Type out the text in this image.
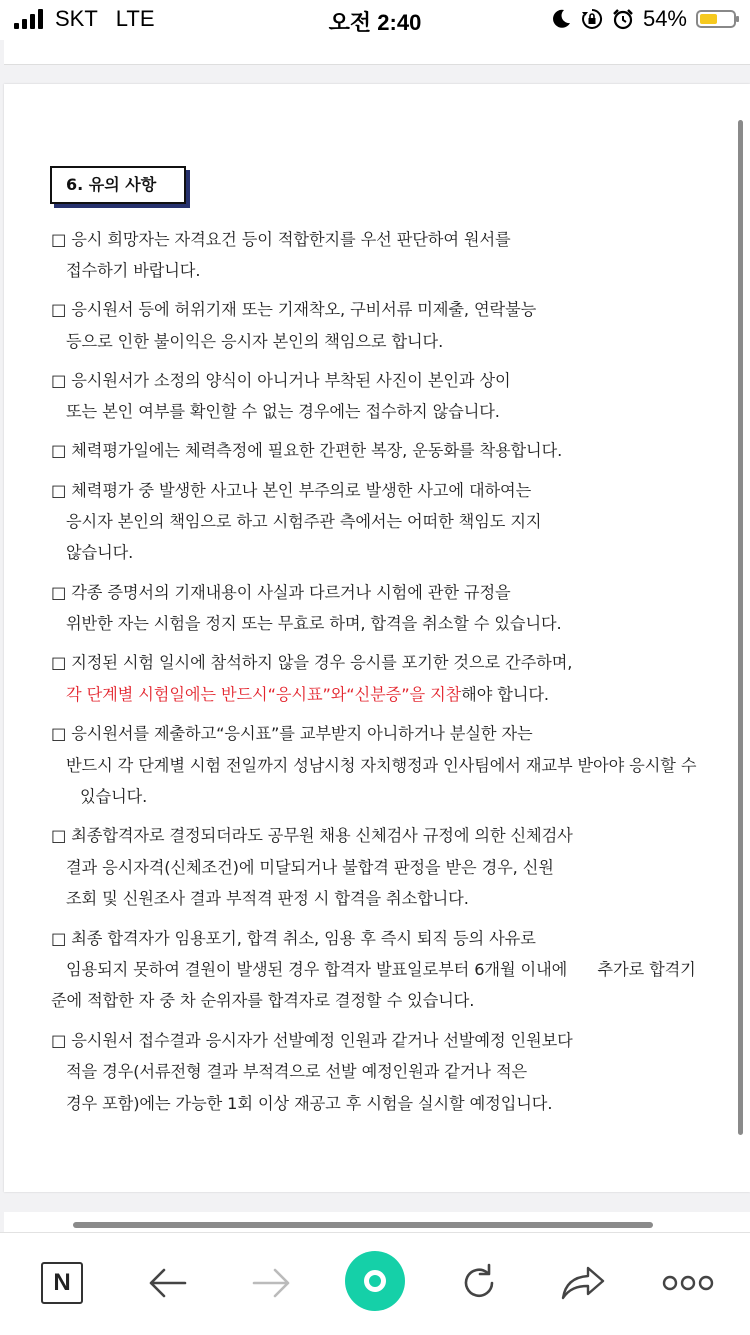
SKT LTE	오전 2:40	54%
6. 유의 사항
□ 응시 희망자는 자격요건 등이 적합한지를 우선 판단하여 원서를
접수하기 바랍니다.
□ 응시원서 등에 허위기재 또는 기재착오, 구비서류 미제출, 연락불능
등으로 인한 불이익은 응시자 본인의 책임으로 합니다.
□ 응시원서가 소정의 양식이 아니거나 부착된 사진이 본인과 상이
또는 본인 여부를 확인할 수 없는 경우에는 접수하지 않습니다.
□ 체력평가일에는 체력측정에 필요한 간편한 복장, 운동화를 착용합니다.
□ 체력평가 중 발생한 사고나 본인 부주의로 발생한 사고에 대하여는
응시자 본인의 책임으로 하고 시험주관 측에서는 어떠한 책임도 지지
않습니다.
□ 각종 증명서의 기재내용이 사실과 다르거나 시험에 관한 규정을
위반한 자는 시험을 정지 또는 무효로 하며, 합격을 취소할 수 있습니다.
□ 지정된 시험 일시에 참석하지 않을 경우 응시를 포기한 것으로 간주하며,
각 단계별 시험일에는 반드시“응시표”와“신분증”을 지참해야 합니다.
□ 응시원서를 제출하고“응시표”를 교부받지 아니하거나 분실한 자는
반드시 각 단계별 시험 전일까지 성남시청 자치행정과 인사팀에서 재교부 받아야 응시할 수
있습니다.
□ 최종합격자로 결정되더라도 공무원 채용 신체검사 규정에 의한 신체검사
결과 응시자격(신체조건)에 미달되거나 불합격 판정을 받은 경우, 신원
조회 및 신원조사 결과 부적격 판정 시 합격을 취소합니다.
□ 최종 합격자가 임용포기, 합격 취소, 임용 후 즉시 퇴직 등의 사유로
임용되지 못하여 결원이 발생된 경우 합격자 발표일로부터 6개월 이내에      추가로 합격기
준에 적합한 자 중 차 순위자를 합격자로 결정할 수 있습니다.
□ 응시원서 접수결과 응시자가 선발예정 인원과 같거나 선발예정 인원보다
적을 경우(서류전형 결과 부적격으로 선발 예정인원과 같거나 적은
경우 포함)에는 가능한 1회 이상 재공고 후 시험을 실시할 예정입니다.
N
